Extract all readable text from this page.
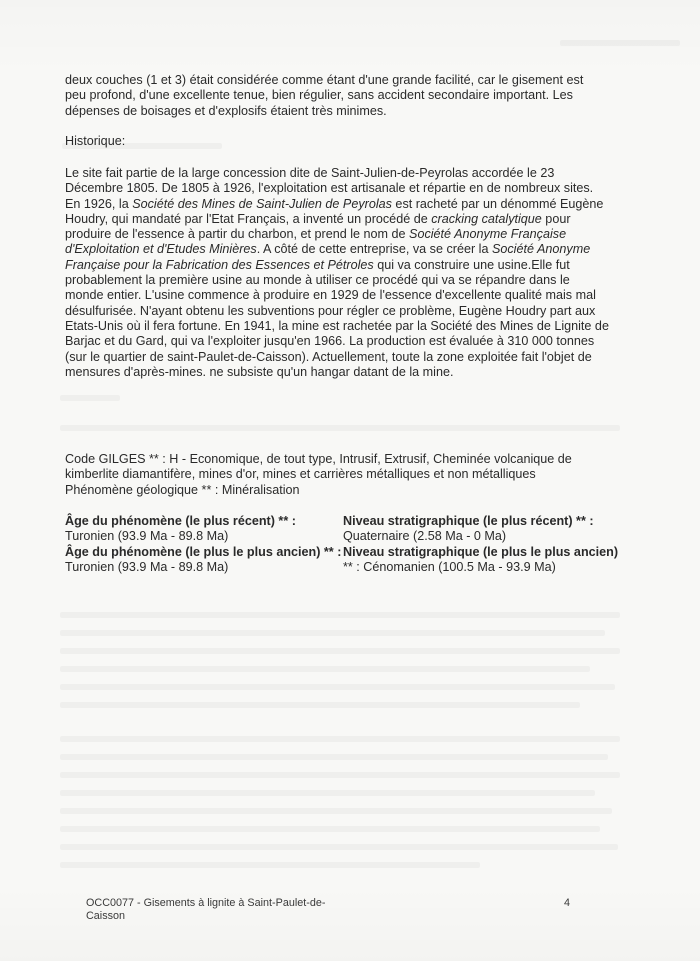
deux couches (1 et 3) était considérée comme étant d'une grande facilité, car le gisement est
peu profond, d'une excellente tenue, bien régulier, sans accident secondaire important. Les
dépenses de boisages et d'explosifs étaient très minimes.

Historique:

Le site fait partie de la large concession dite de Saint-Julien-de-Peyrolas accordée le 23
Décembre 1805. De 1805 à 1926, l'exploitation est artisanale et répartie en de nombreux sites.
En 1926, la Société des Mines de Saint-Julien de Peyrolas est racheté par un dénommé Eugène
Houdry, qui mandaté par l'Etat Français, a inventé un procédé de cracking catalytique pour
produire de l'essence à partir du charbon, et prend le nom de Société Anonyme Française
d'Exploitation et d'Etudes Minières. A côté de cette entreprise, va se créer la Société Anonyme
Française pour la Fabrication des Essences et Pétroles qui va construire une usine.Elle fut
probablement la première usine au monde à utiliser ce procédé qui va se répandre dans le
monde entier. L'usine commence à produire en 1929 de l'essence d'excellente qualité mais mal
désulfurisée. N'ayant obtenu les subventions pour régler ce problème, Eugène Houdry part aux
Etats-Unis où il fera fortune. En 1941, la mine est rachetée par la Société des Mines de Lignite de
Barjac et du Gard, qui va l'exploiter jusqu'en 1966. La production est évaluée à 310 000 tonnes
(sur le quartier de saint-Paulet-de-Caisson). Actuellement, toute la zone exploitée fait l'objet de
mensures d'après-mines. ne subsiste qu'un hangar datant de la mine.

Code GILGES ** : H - Economique, de tout type, Intrusif, Extrusif, Cheminée volcanique de
kimberlite diamantifère, mines d'or, mines et carrières métalliques et non métalliques
Phénomène géologique ** : Minéralisation

Âge du phénomène (le plus récent) ** :
Turonien (93.9 Ma - 89.8 Ma)
Âge du phénomène (le plus le plus ancien) ** :
Turonien (93.9 Ma - 89.8 Ma)
Niveau stratigraphique (le plus récent) ** :
Quaternaire (2.58 Ma - 0 Ma)
Niveau stratigraphique (le plus le plus ancien)
** : Cénomanien (100.5 Ma - 93.9 Ma)
OCC0077 - Gisements à lignite à Saint-Paulet-de-
Caisson
4
